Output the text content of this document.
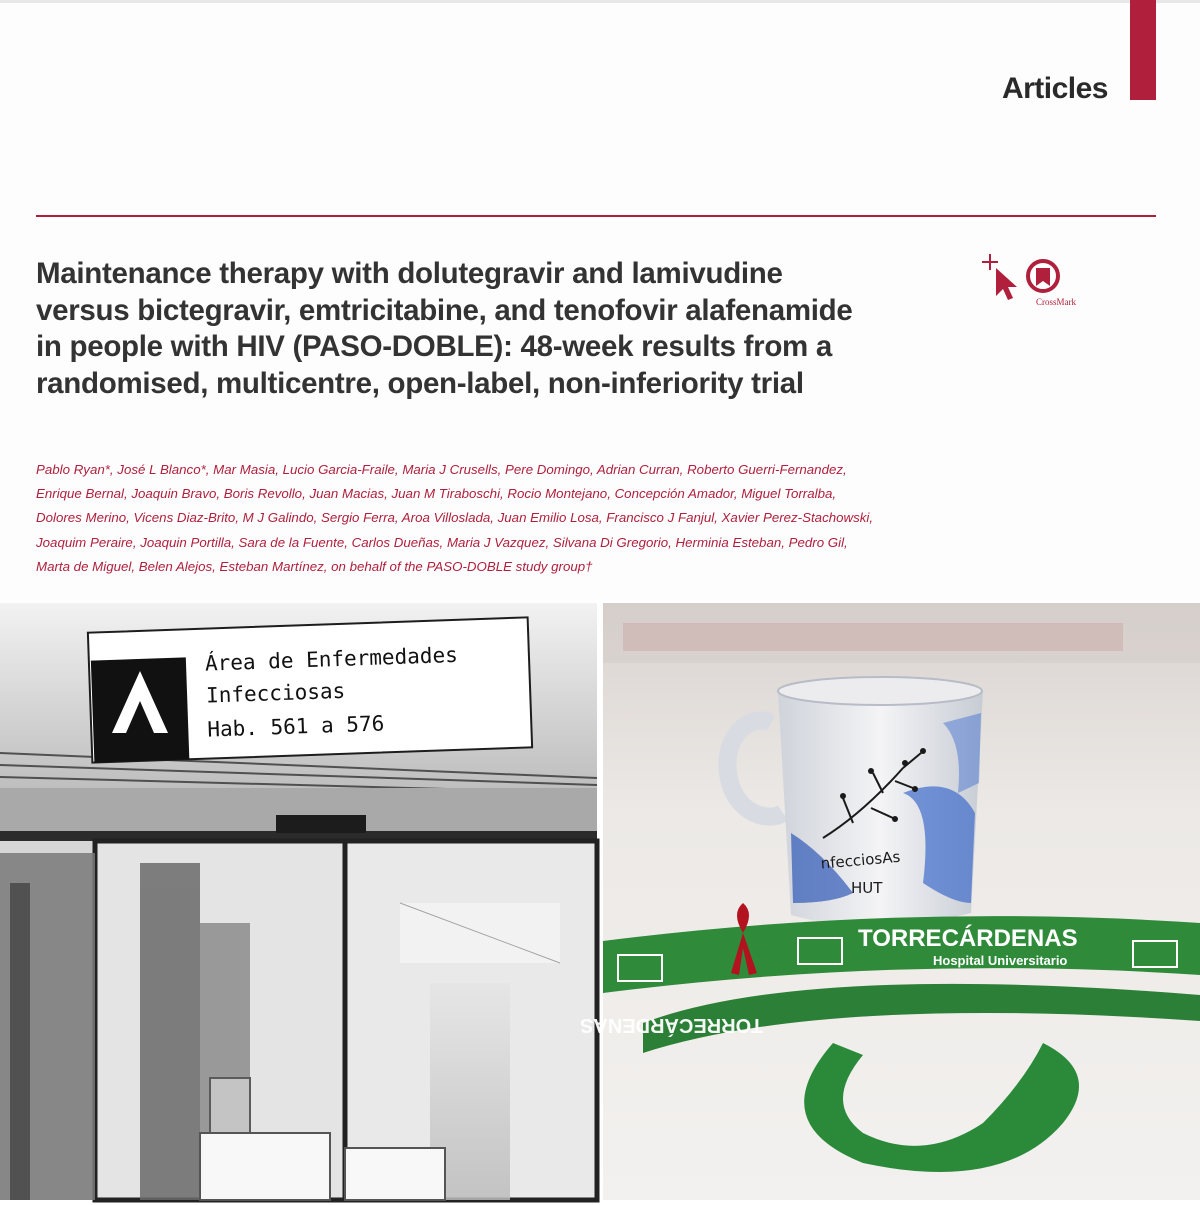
Articles
Maintenance therapy with dolutegravir and lamivudine
versus bictegravir, emtricitabine, and tenofovir alafenamide
in people with HIV (PASO-DOBLE): 48-week results from a
randomised, multicentre, open-label, non-inferiority trial
CrossMark
Pablo Ryan*, José L Blanco*, Mar Masia, Lucio Garcia-Fraile, Maria J Crusells, Pere Domingo, Adrian Curran, Roberto Guerri-Fernandez,
Enrique Bernal, Joaquin Bravo, Boris Revollo, Juan Macias, Juan M Tiraboschi, Rocio Montejano, Concepción Amador, Miguel Torralba,
Dolores Merino, Vicens Diaz-Brito, M J Galindo, Sergio Ferra, Aroa Villoslada, Juan Emilio Losa, Francisco J Fanjul, Xavier Perez-Stachowski,
Joaquim Peraire, Joaquin Portilla, Sara de la Fuente, Carlos Dueñas, Maria J Vazquez, Silvana Di Gregorio, Herminia Esteban, Pedro Gil,
Marta de Miguel, Belen Alejos, Esteban Martínez, on behalf of the PASO-DOBLE study group†
Área de Enfermedades
Infecciosas
Hab. 561 a 576
nfecciosAs
HUT
TORRECÁRDENAS
Hospital Universitario
TORRECÁRDENAS
